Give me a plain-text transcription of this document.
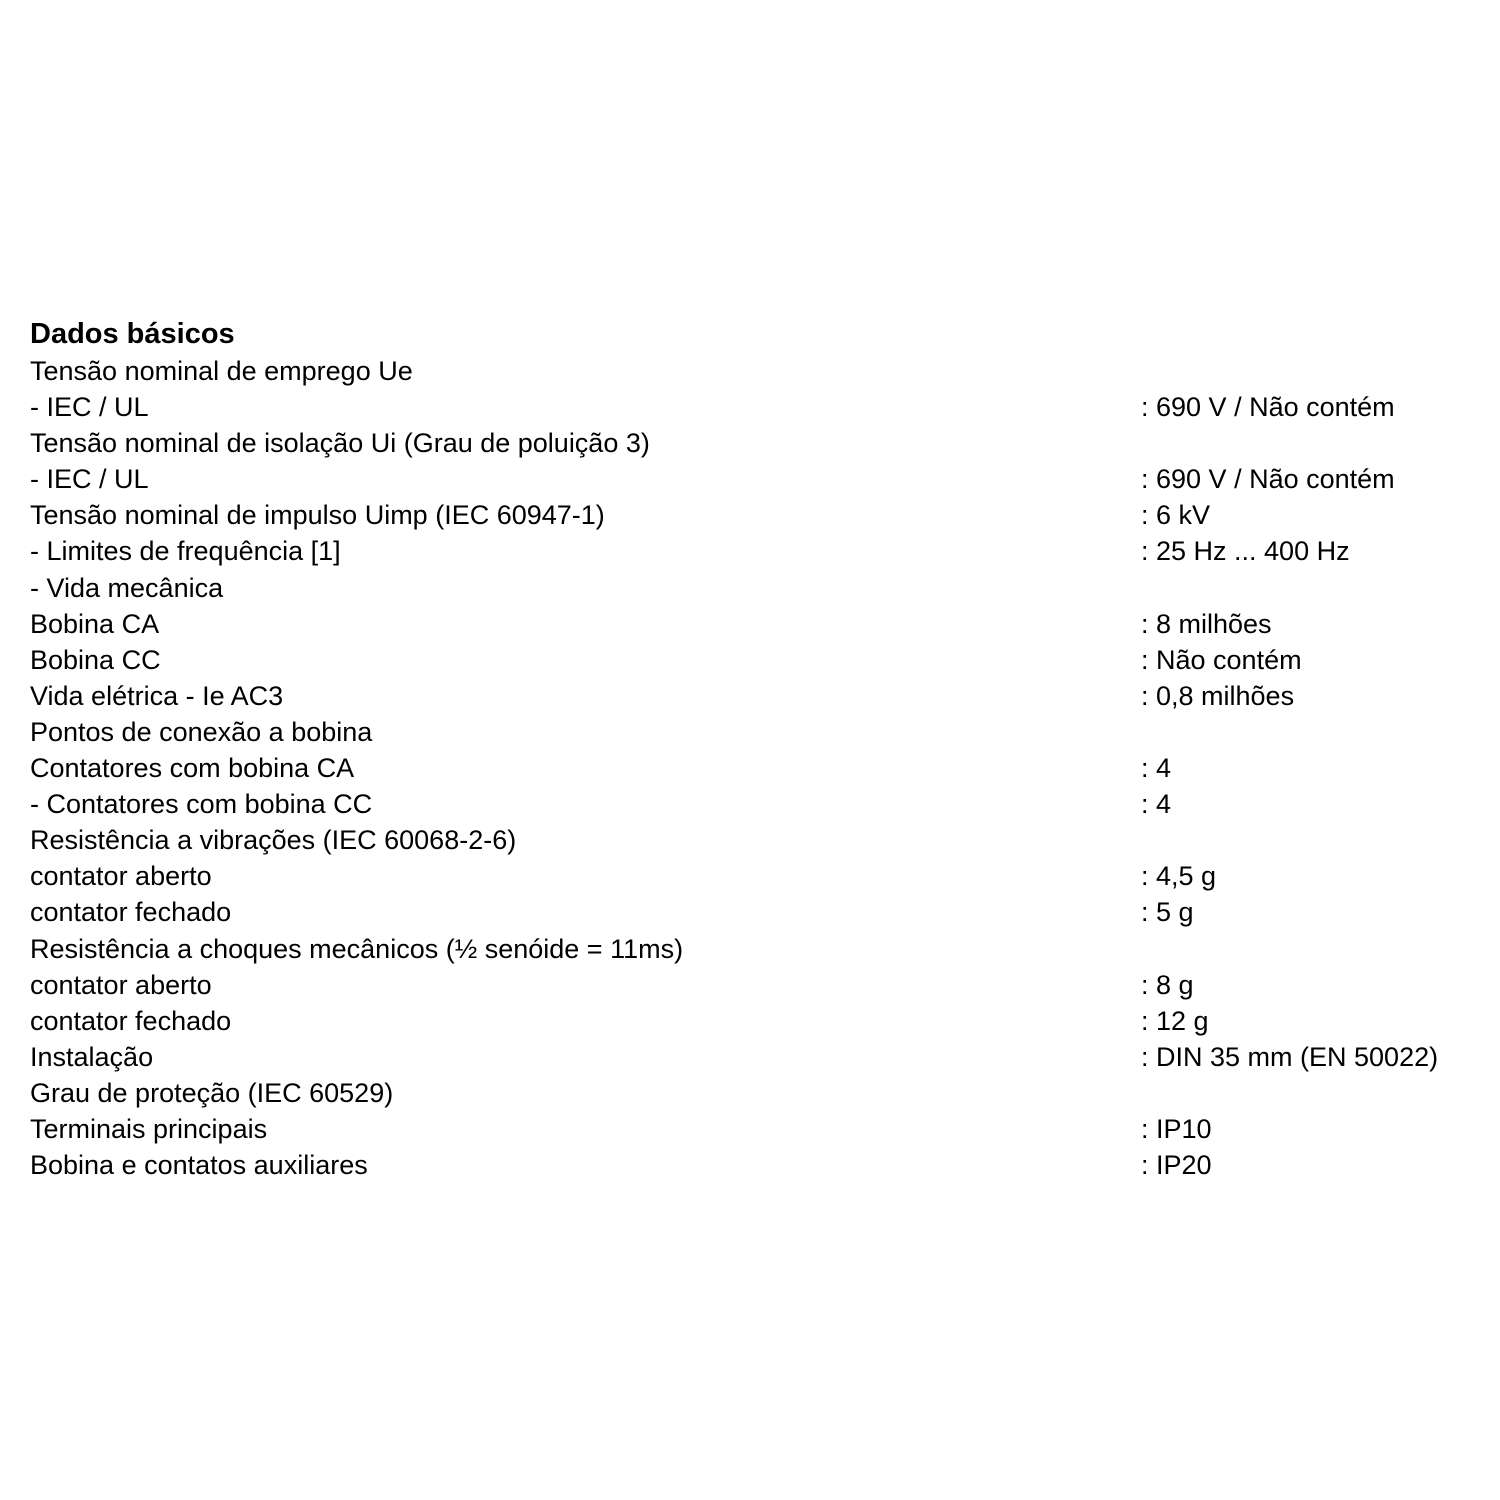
Dados básicos
Tensão nominal de emprego Ue
- IEC / UL	: 690 V / Não contém
Tensão nominal de isolação Ui (Grau de poluição 3)
- IEC / UL	: 690 V / Não contém
Tensão nominal de impulso Uimp (IEC 60947-1)	: 6 kV
- Limites de frequência [1]	: 25 Hz ... 400 Hz
- Vida mecânica
Bobina CA	: 8 milhões
Bobina CC	: Não contém
Vida elétrica - Ie AC3	: 0,8 milhões
Pontos de conexão a bobina
Contatores com bobina CA	: 4
- Contatores com bobina CC	: 4
Resistência a vibrações (IEC 60068-2-6)
contator aberto	: 4,5 g
contator fechado	: 5 g
Resistência a choques mecânicos (½ senóide = 11ms)
contator aberto	: 8 g
contator fechado	: 12 g
Instalação	: DIN 35 mm (EN 50022)
Grau de proteção (IEC 60529)
Terminais principais	: IP10
Bobina e contatos auxiliares	: IP20
